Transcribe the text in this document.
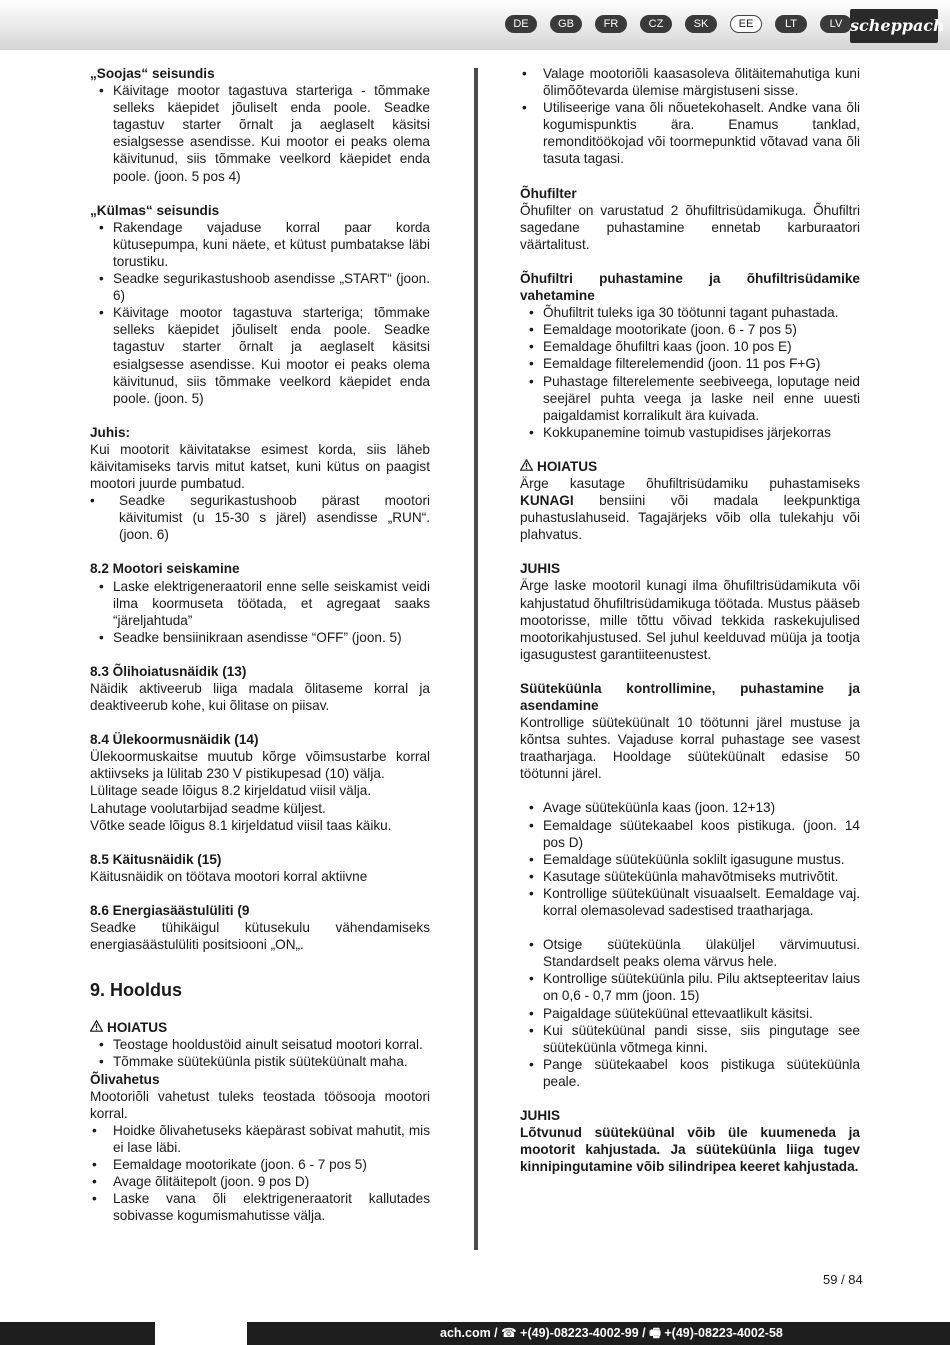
DE	GB	FR	CZ	SK	EE	LT	LV scheppach

„Soojas“ seisundis

• Käivitage mootor tagastuva starteriga - tõmmake selleks käepidet jõuliselt enda poole. Seadke tagastuv starter õrnalt ja aeglaselt käsitsi esialgsesse asendisse. Kui mootor ei peaks olema käivitunud, siis tõmmake veelkord käepidet enda poole. (joon. 5 pos 4)

„Külmas“ seisundis

• Rakendage vajaduse korral paar korda kütusepumpa, kuni näete, et kütust pumbatakse läbi torustiku.
• Seadke segurikastushoob asendisse „START“ (joon. 6)
• Käivitage mootor tagastuva starteriga; tõmmake selleks käepidet jõuliselt enda poole. Seadke tagastuv starter õrnalt ja aeglaselt käsitsi esialgsesse asendisse. Kui mootor ei peaks olema käivitunud, siis tõmmake veelkord käepidet enda poole. (joon. 5)

Juhis:

Kui mootorit käivitatakse esimest korda, siis läheb käivitamiseks tarvis mitut katset, kuni kütus on paagist mootori juurde pumbatud.

• Seadke segurikastushoob pärast mootori käivitumist (u 15-30 s järel) asendisse „RUN“. (joon. 6)

8.2 Mootori seiskamine

• Laske elektrigeneraatoril enne selle seiskamist veidi ilma koormuseta töötada, et agregaat saaks “järeljahtuda”
• Seadke bensiinikraan asendisse “OFF” (joon. 5)

8.3 Õlihoiatusnäidik (13)

Näidik aktiveerub liiga madala õlitaseme korral ja deaktiveerub kohe, kui õlitase on piisav.

8.4 Ülekoormusnäidik (14)

Ülekoormuskaitse muutub kõrge võimsustarbe korral aktiivseks ja lülitab 230 V pistikupesad (10) välja.

Lülitage seade lõigus 8.2 kirjeldatud viisil välja.

Lahutage voolutarbijad seadme küljest.

Võtke seade lõigus 8.1 kirjeldatud viisil taas käiku.

8.5 Käitusnäidik (15)

Käitusnäidik on töötava mootori korral aktiivne

8.6 Energiasäästulüliti (9

Seadke tühikäigul kütusekulu vähendamiseks energiasäästulüliti positsiooni „ON„.

9. Hooldus

HOIATUS

• Teostage hooldustöid ainult seisatud mootori korral.
• Tõmmake süüteküünla pistik süüteküünalt maha.

Õlivahetus

Mootoriõli vahetust tuleks teostada töösooja mootori korral.

• Hoidke õlivahetuseks käepärast sobivat mahutit, mis ei lase läbi.
• Eemaldage mootorikate (joon. 6 - 7 pos 5)
• Avage õlitäitepolt (joon. 9 pos D)
• Laske vana õli elektrigeneraatorit kallutades sobivasse kogumismahutisse välja.
• Valage mootoriõli kaasasoleva õlitäitemahutiga kuni õlimõõtevarda ülemise märgistuseni sisse.
• Utiliseerige vana õli nõuetekohaselt. Andke vana õli kogumispunktis ära. Enamus tanklad, remonditöökojad või toormepunktid võtavad vana õli tasuta tagasi.

Õhufilter

Õhufilter on varustatud 2 õhufiltrisüdamikuga. Õhufiltri sagedane puhastamine ennetab karburaatori väärtalitust.

Õhufiltri puhastamine ja õhufiltrisüdamike vahetamine

• Õhufiltrit tuleks iga 30 töötunni tagant puhastada.
• Eemaldage mootorikate (joon. 6 - 7 pos 5)
• Eemaldage õhufiltri kaas (joon. 10 pos E)
• Eemaldage filterelemendid (joon. 11 pos F+G)
• Puhastage filterelemente seebiveega, loputage neid seejärel puhta veega ja laske neil enne uuesti paigaldamist korralikult ära kuivada.
• Kokkupanemine toimub vastupidises järjekorras

HOIATUS

Ärge kasutage õhufiltrisüdamiku puhastamiseks KUNAGI bensiini või madala leekpunktiga puhastuslahuseid. Tagajärjeks võib olla tulekahju või plahvatus.

JUHIS

Ärge laske mootoril kunagi ilma õhufiltrisüdamikuta või kahjustatud õhufiltrisüdamikuga töötada. Mustus pääseb mootorisse, mille tõttu võivad tekkida raskekujulised mootorikahjustused. Sel juhul keelduvad müüja ja tootja igasugustest garantiiteenustest.

Süüteküünla kontrollimine, puhastamine ja asendamine

Kontrollige süüteküünalt 10 töötunni järel mustuse ja kõntsa suhtes. Vajaduse korral puhastage see vasest traatharjaga. Hooldage süüteküünalt edasise 50 töötunni järel.

• Avage süüteküünla kaas (joon. 12+13)
• Eemaldage süütekaabel koos pistikuga. (joon. 14 pos D)
• Eemaldage süüteküünla soklilt igasugune mustus.
• Kasutage süüteküünla mahavõtmiseks mutrivõtit.
• Kontrollige süüteküünalt visuaalselt. Eemaldage vaj. korral olemasolevad sadestised traatharjaga.
• Otsige süüteküünla ülaküljel värvimuutusi. Standardselt peaks olema värvus hele.
• Kontrollige süüteküünla pilu. Pilu aktsepteeritav laius on 0,6 - 0,7 mm (joon. 15)
• Paigaldage süüteküünal ettevaatlikult käsitsi.
• Kui süüteküünal pandi sisse, siis pingutage see süüteküünla võtmega kinni.
• Pange süütekaabel koos pistikuga süüteküünla peale.

JUHIS

Lõtvunud süüteküünal võib üle kuumeneda ja mootorit kahjustada. Ja süüteküünla liiga tugev kinnipingutamine võib silindripea keeret kahjustada.

59 / 84
ach.com / ☎ +(49)-08223-4002-99 / 🖷 +(49)-08223-4002-58
